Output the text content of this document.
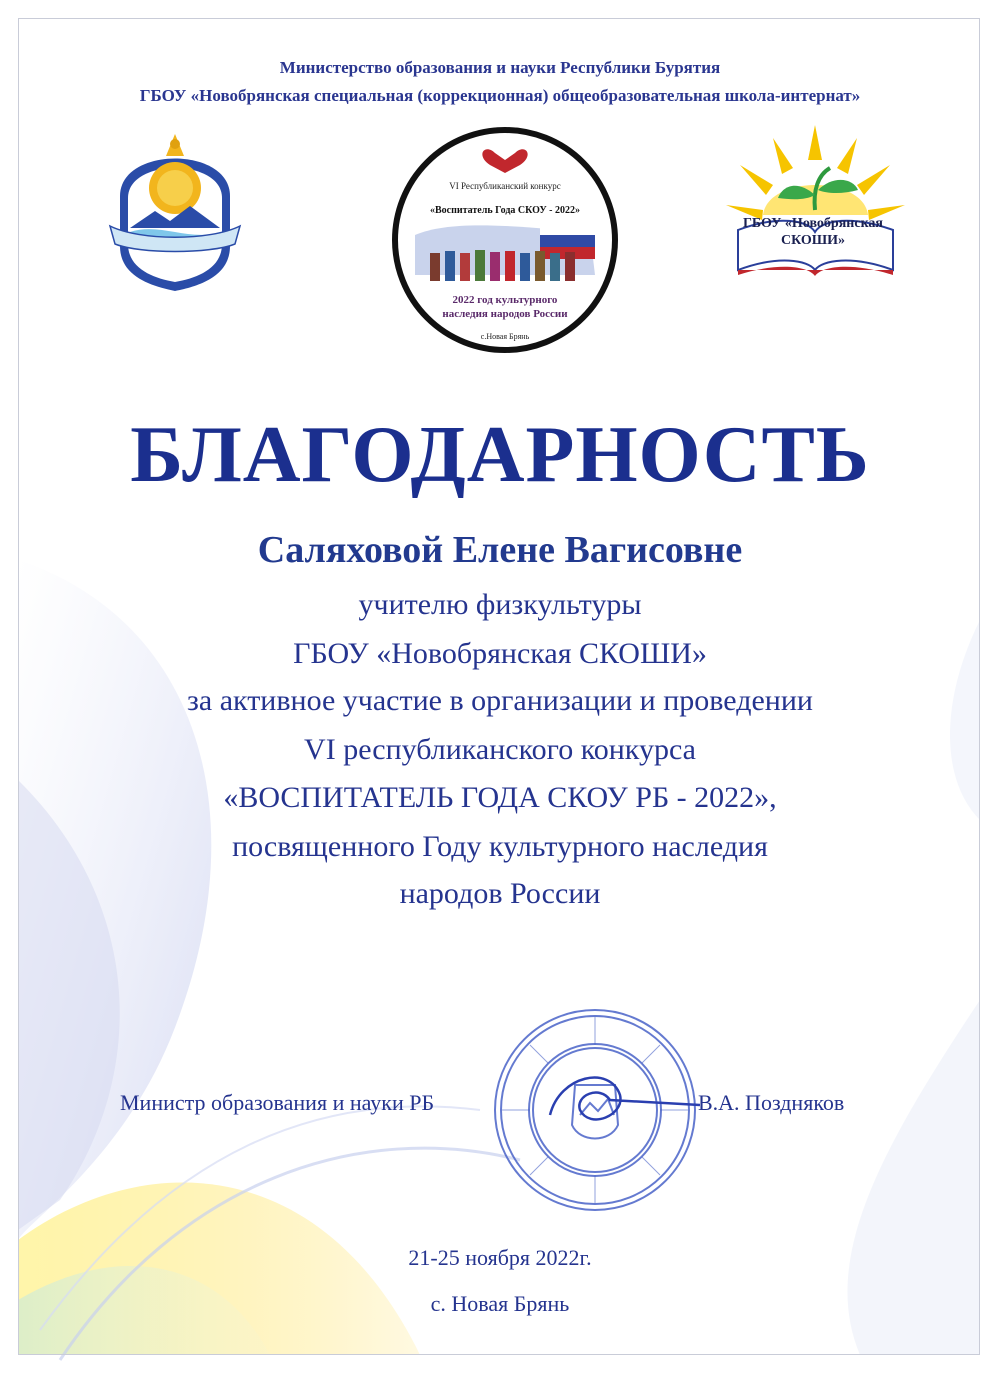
Министерство образования и науки Республики Бурятия
ГБОУ «Новобрянская специальная (коррекционная) общеобразовательная школа-интернат»
VI Республиканский конкурс
«Воспитатель Года СКОУ - 2022»
2022 год культурного
наследия народов России
с.Новая Брянь
ГБОУ «Новобрянская
СКОШИ»
БЛАГОДАРНОСТЬ
Саляховой Елене Вагисовне
учителю физкультуры
ГБОУ «Новобрянская СКОШИ»
за активное участие в организации и проведении
VI республиканского конкурса
«ВОСПИТАТЕЛЬ ГОДА СКОУ РБ - 2022»,
посвященного Году культурного наследия
народов России
Министр образования и науки РБ	В.А. Поздняков
21-25 ноября 2022г.
с. Новая Брянь
